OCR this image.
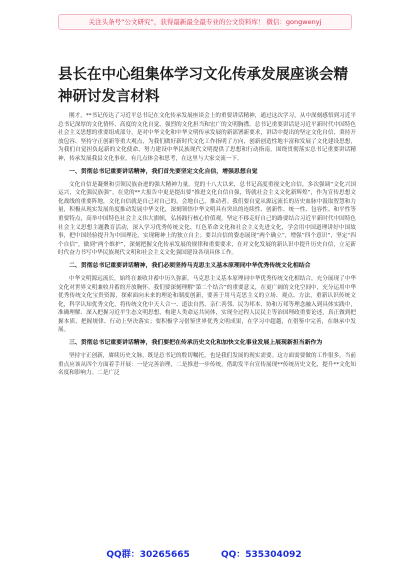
关注头条号“公文研究”，获得最新最全最专业的公文资料库！ 微信：gongwenyj
县长在中心组集体学习文化传承发展座谈会精神研讨发言材料

刚才，**书记传达了习近平总书记在文化传承发展座谈会上的重要讲话精神，通过这次学习，从中深刻感悟到习近平总书记深厚的文化情怀、高度的文化自觉、强烈的文化担当和宏广的文明胸襟。总书记重要讲话是习近平新时代中国特色社会主义思想的重要组成部分，是对中华文化和中华文明传承发展的新部署新要求，讲话中提出的坚定文化自信、秉持开放包容、坚持守正创新等重大观点，为我们做好新时代文化工作指明了方向，创新创造性地丰富和发展了文化建设思想，为我们自觉担负起新的文化使命、努力建设中华民族现代文明提供了思想和行动指南。围绕贯彻落实总书记重要讲话精神，传承发展我县文化事业，有几点体会和思考，在这里与大家交流一下。

一、贯彻总书记重要讲话精神，我们首先要坚定文化自信，增强思想自觉

文化自信是凝聚和引领民族奋进的强大精神力量。党的十八大以来，总书记高度重视文化自信，多次强调“文化兴国运兴，文化强民族强”。在党的**大报告中更是提出要“推进文化自信自强，铸就社会主义文化新辉煌”，作为宣传思想文化战线的重要阵地，文化自信就是自己对自己的，会地自己，推动者。我们要自觉从源远流长的历史血脉中汲取智慧和力量，积极从现实发展角度推动发展中华文化，深刻领悟中华文明具有突出的连续性、创新性、统一性、包容性、和平性等重要特点，高举中国特色社会主义伟大旗帜，弘扬践行核心价值观，坚定不移走好自己的路要结合习近平新时代中国特色社会主义思想主题教育活动，深入学习优秀传统文化、红色革命文化和社会主义先进文化，学会用中国道理讲好中国故事，把中国经验提升为中国理论，实现精神上的独立自主；要以自信的姿态展现“两个确立”，增强“四个意识”，坚定“四个自信”，做到“两个维护”，深刻把握文化传承发展的规律和重要要求，在对文化发展的新认识中提升历史自信，立足新时代奋力书写中华民族现代文明和社会主义文化强国建设各项具体工作。

二、贯彻总书记重要讲话精神，我们必须坚持马克思主义基本原理同中华优秀传统文化相结合

中华文明源远流长，始终在兼收并蓄中历久弥新。马克思主义基本原理同中华优秀传统文化相结合，充分展现了中华文化对世界文明兼收并蓄的开放胸怀。我们要深刻理解“第二个结合”的重要意义，在更广阔的文化空间中，充分运用中华优秀传统文化宝贵资源，探索面向未来的理论和制度创新，要善于用马克思主义的立场、观点、方法，重新认识传统文化，科学认知优秀文化，将传统文化中天人合一、道法自然、亲仁善邻、民为邦本、协和万邦等理念融入到具体实践中，准确理解、深入把握习近平生态文明思想，构建人类命运共同体，实现全过程人民民主等治国理政重要论述，真正做到把握本质、把握规律、行动上坚决落实；要积极学习借鉴世界优秀文明成果，在学习中超越，在借鉴中完善，在继承中发展。

三、贯彻总书记重要讲话精神，我们要把在传承历史文化和加快文化事业发展上展现新担当新作为

坚持守正创新，赓续历史文脉，既是总书记的殷切嘱托，也是我们发展的现实需要。这方面需要做的工作很多，当前重点应该从四个方面着手开展：一是完善治理，二是推进一步传统，借助发平台宣传展现**传统历史文化，提升**文化知名度和影响力。二是广泛

QQ群：30265665	QQ：535304092
